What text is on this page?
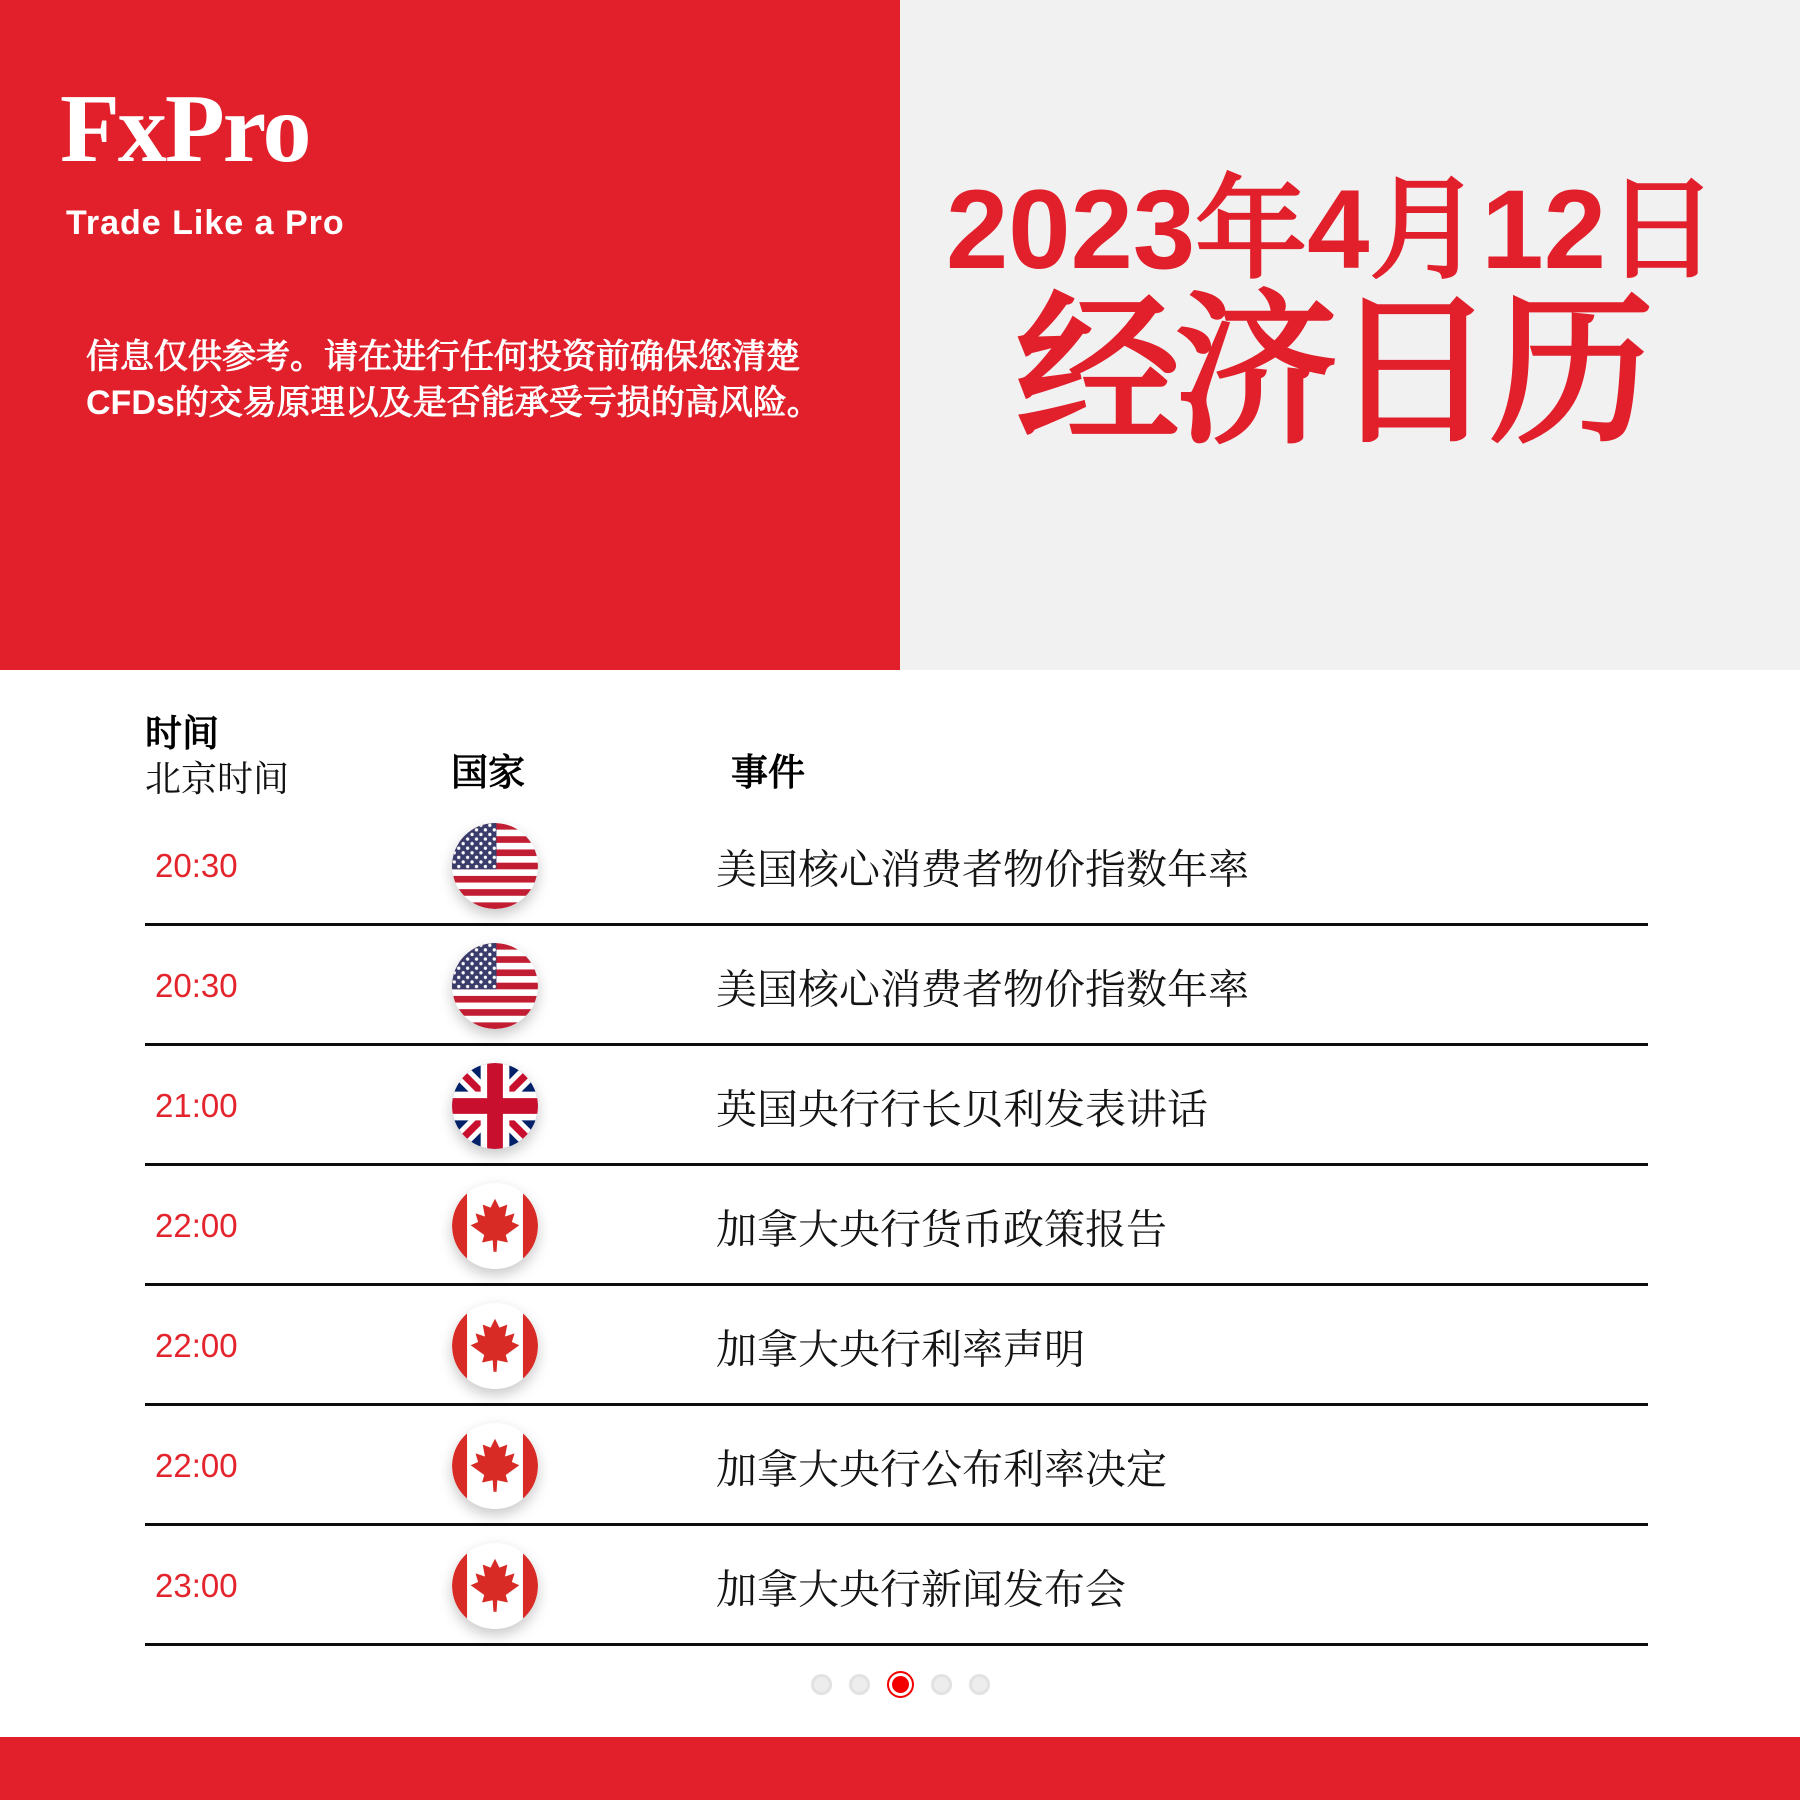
FxPro
Trade Like a Pro
信息仅供参考。请在进行任何投资前确保您清楚
CFDs的交易原理以及是否能承受亏损的高风险。
2023年4月12日
经济日历
时间
北京时间	国家	事件
20:30	美国核心消费者物价指数年率
20:30	美国核心消费者物价指数年率
21:00	英国央行行长贝利发表讲话
22:00	加拿大央行货币政策报告
22:00	加拿大央行利率声明
22:00	加拿大央行公布利率决定
23:00	加拿大央行新闻发布会
